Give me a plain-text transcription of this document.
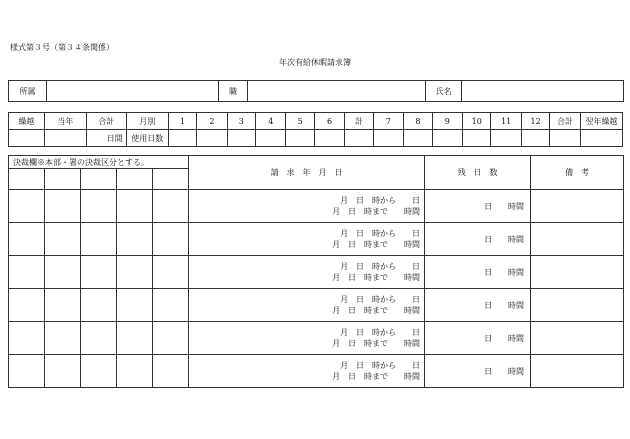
様式第３号（第３４条関係）
年次有給休暇請求簿
所属		職		氏名	
繰越	当年	合計	月別	1	2	3	4	5	6	計	7	8	9	10	11	12	合計	翌年繰越
		日間	使用日数															
決裁欄※本部・署の決裁区分とする。					請　求　年　月　日	残　日　数	備　考

					月　日　時から　　日
月　日　時まで　　時間	日　　時間	

					月　日　時から　　日
月　日　時まで　　時間	日　　時間	

					月　日　時から　　日
月　日　時まで　　時間	日　　時間	

					月　日　時から　　日
月　日　時まで　　時間	日　　時間	

					月　日　時から　　日
月　日　時まで　　時間	日　　時間	

					月　日　時から　　日
月　日　時まで　　時間	日　　時間	
